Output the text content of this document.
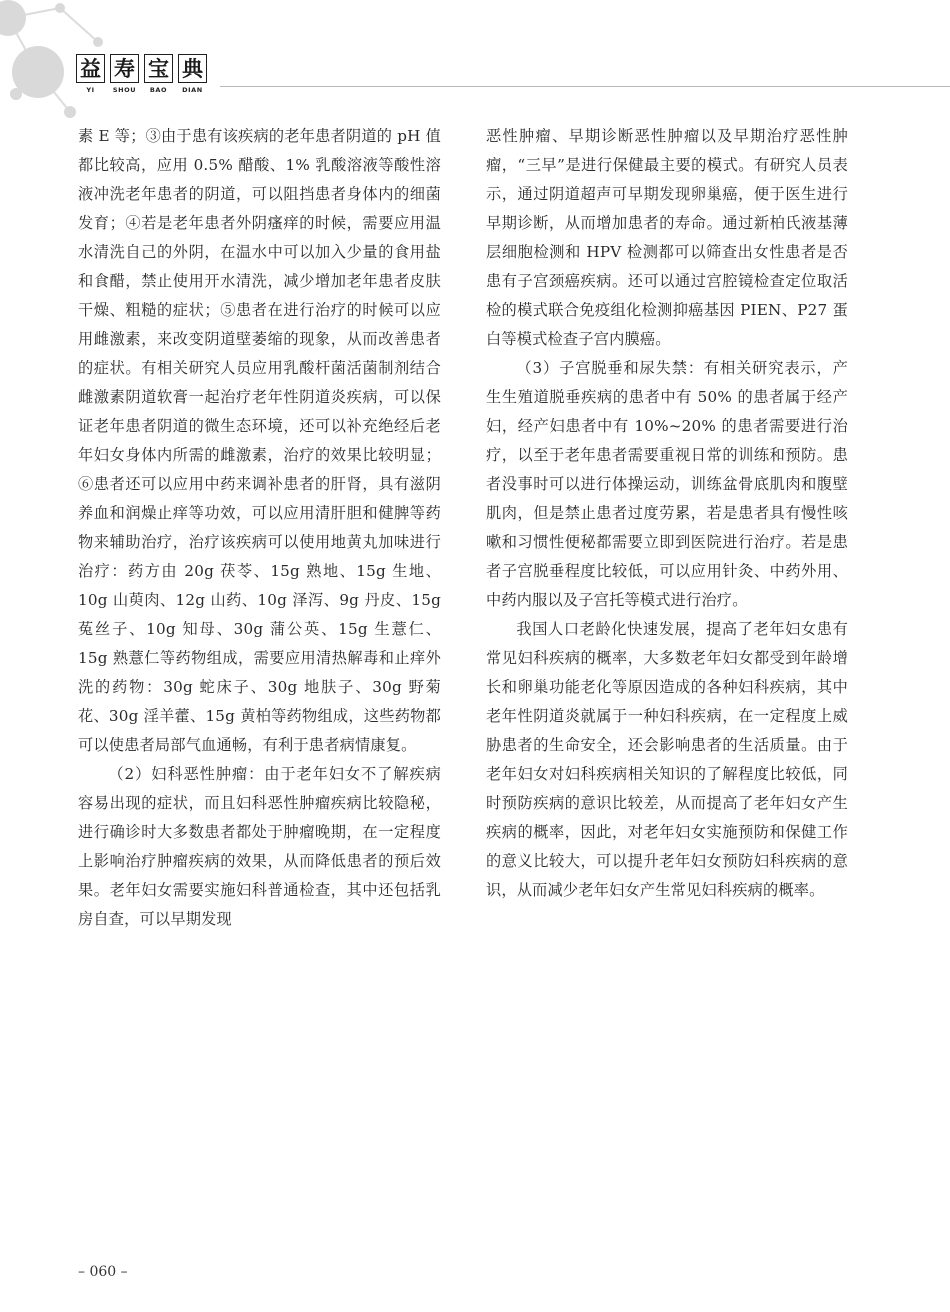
益 寿 宝 典
YI	SHOU	BAO	DIAN

素 E 等；③由于患有该疾病的老年患者阴道的 pH 值都比较高，应用 0.5% 醋酸、1% 乳酸溶液等酸性溶液冲洗老年患者的阴道，可以阻挡患者身体内的细菌发育；④若是老年患者外阴瘙痒的时候，需要应用温水清洗自己的外阴，在温水中可以加入少量的食用盐和食醋，禁止使用开水清洗，减少增加老年患者皮肤干燥、粗糙的症状；⑤患者在进行治疗的时候可以应用雌激素，来改变阴道壁萎缩的现象，从而改善患者的症状。有相关研究人员应用乳酸杆菌活菌制剂结合雌激素阴道软膏一起治疗老年性阴道炎疾病，可以保证老年患者阴道的微生态环境，还可以补充绝经后老年妇女身体内所需的雌激素，治疗的效果比较明显；⑥患者还可以应用中药来调补患者的肝肾，具有滋阴养血和润燥止痒等功效，可以应用清肝胆和健脾等药物来辅助治疗，治疗该疾病可以使用地黄丸加味进行治疗：药方由 20g 茯苓、15g 熟地、15g 生地、10g 山萸肉、12g 山药、10g 泽泻、9g 丹皮、15g 菟丝子、10g 知母、30g 蒲公英、15g 生薏仁、15g 熟薏仁等药物组成，需要应用清热解毒和止痒外洗的药物：30g 蛇床子、30g 地肤子、30g 野菊花、30g 淫羊藿、15g 黄柏等药物组成，这些药物都可以使患者局部气血通畅，有利于患者病情康复。

（2）妇科恶性肿瘤：由于老年妇女不了解疾病容易出现的症状，而且妇科恶性肿瘤疾病比较隐秘，进行确诊时大多数患者都处于肿瘤晚期，在一定程度上影响治疗肿瘤疾病的效果，从而降低患者的预后效果。老年妇女需要实施妇科普通检查，其中还包括乳房自查，可以早期发现

恶性肿瘤、早期诊断恶性肿瘤以及早期治疗恶性肿瘤，“三早”是进行保健最主要的模式。有研究人员表示，通过阴道超声可早期发现卵巢癌，便于医生进行早期诊断，从而增加患者的寿命。通过新柏氏液基薄层细胞检测和 HPV 检测都可以筛查出女性患者是否患有子宫颈癌疾病。还可以通过宫腔镜检查定位取活检的模式联合免疫组化检测抑癌基因 PIEN、P27 蛋白等模式检查子宫内膜癌。

（3）子宫脱垂和尿失禁：有相关研究表示，产生生殖道脱垂疾病的患者中有 50% 的患者属于经产妇，经产妇患者中有 10%~20% 的患者需要进行治疗，以至于老年患者需要重视日常的训练和预防。患者没事时可以进行体操运动，训练盆骨底肌肉和腹壁肌肉，但是禁止患者过度劳累，若是患者具有慢性咳嗽和习惯性便秘都需要立即到医院进行治疗。若是患者子宫脱垂程度比较低，可以应用针灸、中药外用、中药内服以及子宫托等模式进行治疗。

我国人口老龄化快速发展，提高了老年妇女患有常见妇科疾病的概率，大多数老年妇女都受到年龄增长和卵巢功能老化等原因造成的各种妇科疾病，其中老年性阴道炎就属于一种妇科疾病，在一定程度上威胁患者的生命安全，还会影响患者的生活质量。由于老年妇女对妇科疾病相关知识的了解程度比较低，同时预防疾病的意识比较差，从而提高了老年妇女产生疾病的概率，因此，对老年妇女实施预防和保健工作的意义比较大，可以提升老年妇女预防妇科疾病的意识，从而减少老年妇女产生常见妇科疾病的概率。

– 060 –
